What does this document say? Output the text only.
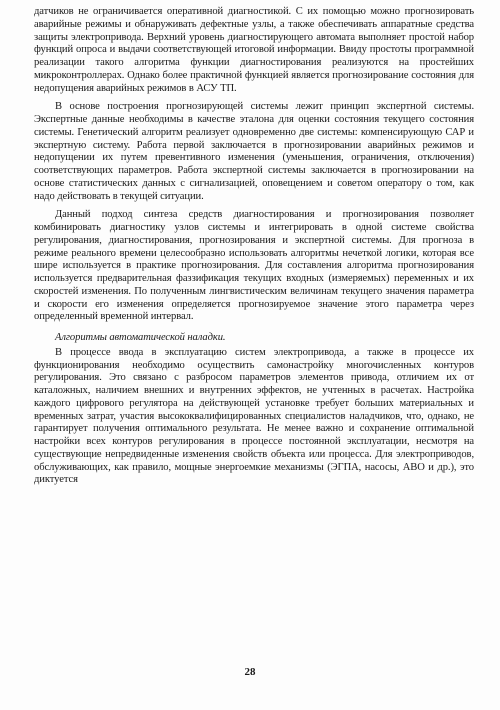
датчиков не ограничивается оперативной диагностикой. С их помощью можно прогнозировать аварийные режимы и обнаруживать дефектные узлы, а также обеспечивать аппаратные средства защиты электропривода. Верхний уровень диагностирующего автомата выполняет простой набор функций опроса и выдачи соответствующей итоговой информации. Ввиду простоты программной реализации такого алгоритма функции диагностирования реализуются на простейших микроконтроллерах. Однако более практичной функцией является прогнозирование состояния для недопущения аварийных режимов в АСУ ТП.

В основе построения прогнозирующей системы лежит принцип экспертной системы. Экспертные данные необходимы в качестве эталона для оценки состояния текущего состояния системы. Генетический алгоритм реализует одновременно две системы: компенсирующую САР и экспертную систему. Работа первой заключается в прогнозировании аварийных режимов и недопущении их путем превентивного изменения (уменьшения, ограничения, отключения) соответствующих параметров. Работа экспертной системы заключается в прогнозировании на основе статистических данных с сигнализацией, оповещением и советом оператору о том, как надо действовать в текущей ситуации.

Данный подход синтеза средств диагностирования и прогнозирования позволяет комбинировать диагностику узлов системы и интегрировать в одной системе свойства регулирования, диагностирования, прогнозирования и экспертной системы. Для прогноза в режиме реального времени целесообразно использовать алгоритмы нечеткой логики, которая все шире используется в практике прогнозирования. Для составления алгоритма прогнозирования используется предварительная фаззификация текущих входных (измеряемых) переменных и их скоростей изменения. По полученным лингвистическим величинам текущего значения параметра и скорости его изменения определяется прогнозируемое значение этого параметра через определенный временной интервал.

Алгоритмы автоматической наладки.

В процессе ввода в эксплуатацию систем электропривода, а также в процессе их функционирования необходимо осуществить самонастройку многочисленных контуров регулирования. Это связано с разбросом параметров элементов привода, отличием их от каталожных, наличием внешних и внутренних эффектов, не учтенных в расчетах. Настройка каждого цифрового регулятора на действующей установке требует больших материальных и временных затрат, участия высококвалифицированных специалистов наладчиков, что, однако, не гарантирует получения оптимального результата. Не менее важно и сохранение оптимальной настройки всех контуров регулирования в процессе постоянной эксплуатации, несмотря на существующие непредвиденные изменения свойств объекта или процесса. Для электроприводов, обслуживающих, как правило, мощные энергоемкие механизмы (ЭГПА, насосы, АВО и др.), это диктуется

28
